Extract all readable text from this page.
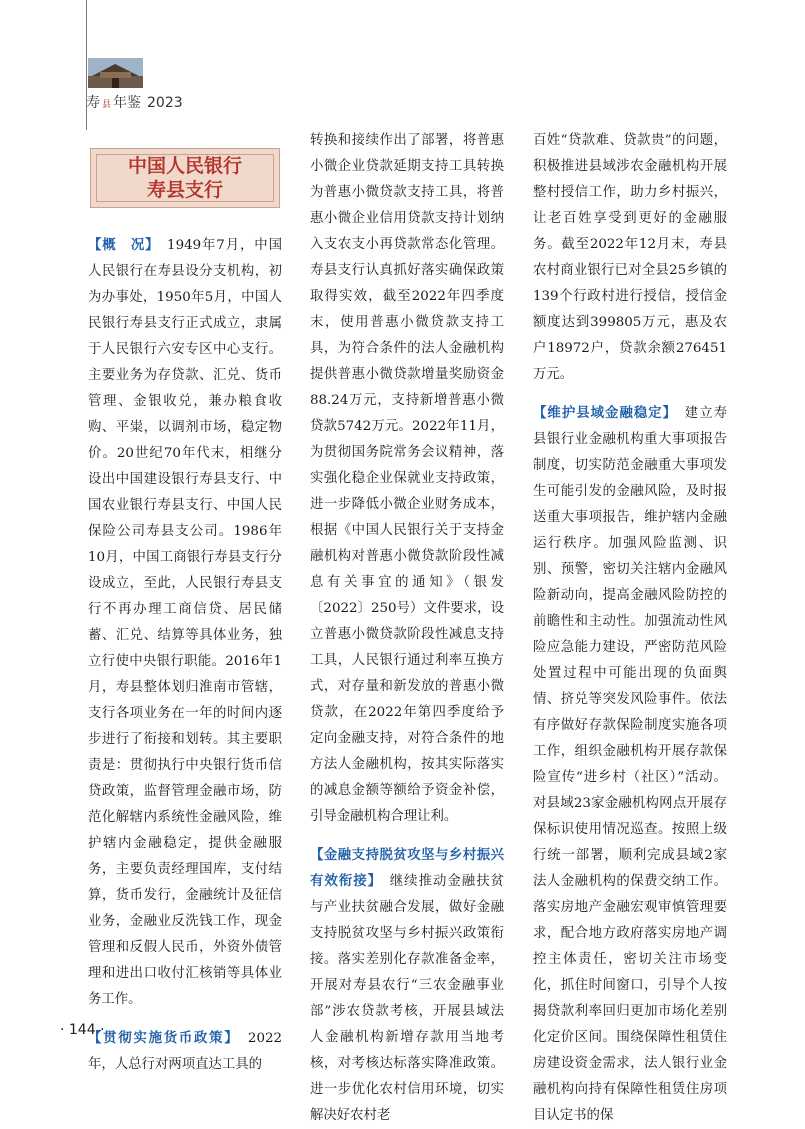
寿 县 年鉴 2023
中国人民银行
寿县支行

【概　况】　 1949年7月，中国人民银行在寿县设分支机构，初为办事处，1950年5月，中国人民银行寿县支行正式成立，隶属于人民银行六安专区中心支行。主要业务为存贷款、汇兑、货币管理、金银收兑，兼办粮食收购、平粜，以调剂市场，稳定物价。20世纪70年代末，相继分设出中国建设银行寿县支行、中国农业银行寿县支行、中国人民保险公司寿县支公司。1986年10月，中国工商银行寿县支行分设成立，至此，人民银行寿县支行不再办理工商信贷、居民储蓄、汇兑、结算等具体业务，独立行使中央银行职能。2016年1月，寿县整体划归淮南市管辖，支行各项业务在一年的时间内逐步进行了衔接和划转。其主要职责是：贯彻执行中央银行货币信贷政策，监督管理金融市场，防范化解辖内系统性金融风险，维护辖内金融稳定，提供金融服务，主要负责经理国库，支付结算，货币发行，金融统计及征信业务，金融业反洗钱工作，现金管理和反假人民币，外资外债管理和进出口收付汇核销等具体业务工作。

【贯彻实施货币政策】　 2022年，人总行对两项直达工具的

转换和接续作出了部署，将普惠小微企业贷款延期支持工具转换为普惠小微贷款支持工具，将普惠小微企业信用贷款支持计划纳入支农支小再贷款常态化管理。寿县支行认真抓好落实确保政策取得实效，截至2022年四季度末，使用普惠小微贷款支持工具，为符合条件的法人金融机构提供普惠小微贷款增量奖励资金88.24万元，支持新增普惠小微贷款5742万元。2022年11月，为贯彻国务院常务会议精神，落实强化稳企业保就业支持政策，进一步降低小微企业财务成本，根据《中国人民银行关于支持金融机构对普惠小微贷款阶段性减息有关事宜的通知》（银发〔2022〕250号）文件要求，设立普惠小微贷款阶段性减息支持工具，人民银行通过利率互换方式，对存量和新发放的普惠小微贷款，在2022年第四季度给予定向金融支持，对符合条件的地方法人金融机构，按其实际落实的减息金额等额给予资金补偿，引导金融机构合理让利。

【金融支持脱贫攻坚与乡村振兴有效衔接】　 继续推动金融扶贫与产业扶贫融合发展，做好金融支持脱贫攻坚与乡村振兴政策衔接。落实差别化存款准备金率，开展对寿县农行“三农金融事业部”涉农贷款考核，开展县域法人金融机构新增存款用当地考核，对考核达标落实降准政策。进一步优化农村信用环境，切实解决好农村老

百姓“贷款难、贷款贵”的问题，积极推进县域涉农金融机构开展整村授信工作，助力乡村振兴，让老百姓享受到更好的金融服务。截至2022年12月末，寿县农村商业银行已对全县25乡镇的139个行政村进行授信，授信金额度达到399805万元，惠及农户18972户，贷款余额276451万元。

【维护县域金融稳定】　 建立寿县银行业金融机构重大事项报告制度，切实防范金融重大事项发生可能引发的金融风险，及时报送重大事项报告，维护辖内金融运行秩序。加强风险监测、识别、预警，密切关注辖内金融风险新动向，提高金融风险防控的前瞻性和主动性。加强流动性风险应急能力建设，严密防范风险处置过程中可能出现的负面舆情、挤兑等突发风险事件。依法有序做好存款保险制度实施各项工作，组织金融机构开展存款保险宣传“进乡村（社区）”活动。对县域23家金融机构网点开展存保标识使用情况巡查。按照上级行统一部署，顺利完成县域2家法人金融机构的保费交纳工作。落实房地产金融宏观审慎管理要求，配合地方政府落实房地产调控主体责任，密切关注市场变化，抓住时间窗口，引导个人按揭贷款利率回归更加市场化差别化定价区间。围绕保障性租赁住房建设资金需求，法人银行业金融机构向持有保障性租赁住房项目认定书的保

· 144 ·
